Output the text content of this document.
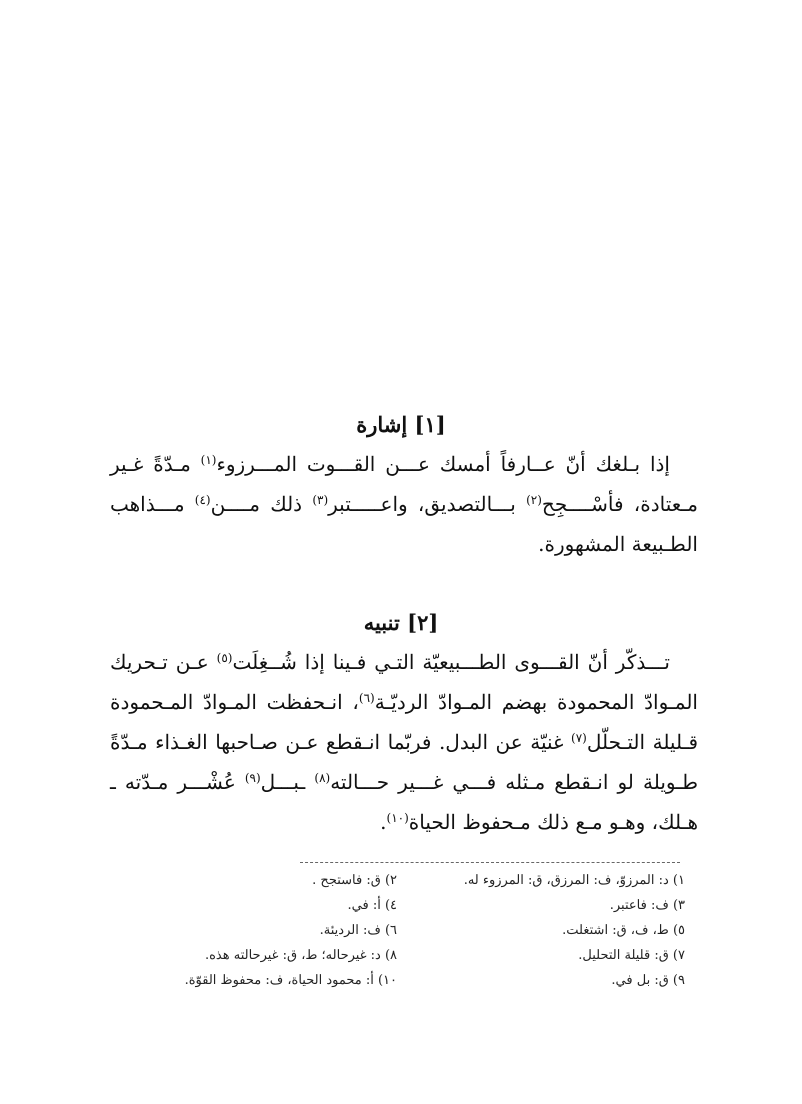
[١] إشارة

إذا بـلغك أنّ عــارفاً أمسك عـــن القـــوت المـــرزوء$^{(١)}$ مـدّةً غـير مـعتادة، فأسْــــجِح$^{(٢)}$ بـــالتصديق، واعـــــتبر$^{(٣)}$ ذلك مــــن$^{(٤)}$ مـــذاهب الطـبيعة المشهورة.

[٢] تنبيه

تـــذكّر أنّ القـــوى الطـــبيعيّة التـي فـينا إذا شُــغِلَت$^{(٥)}$ عـن تـحريك المـوادّ المحمودة بهضم المـوادّ الرديّـة$^{(٦)}$، انـحفظت المـوادّ المـحمودة قـليلة التـحلّل$^{(٧)}$ غنيّة عن البدل. فربّما انـقطع عـن صـاحبها الغـذاء مـدّةً طـويلة لو انـقطع مـثله فـــي غـــير حـــالته$^{(٨)}$ ـبـــل$^{(٩)}$ عُشْـــر مـدّته ـ هـلك، وهـو مـع ذلك مـحفوظ الحياة$^{(١٠)}$.

١) د: المرزوّ، ف: المرزق، ق: المرزوء له.
٢) ق: فاستجح .
٣) ف: فاعتبر.
٤) أ: في.
٥) ط، ف، ق: اشتغلت.
٦) ف: الرديئة.
٧) ق: قليلة التحليل.
٨) د: غيرحاله؛ ط، ق: غيرحالته هذه.
٩) ق: بل في.
١٠) أ: محمود الحياة، ف: محفوظ القوّة.
